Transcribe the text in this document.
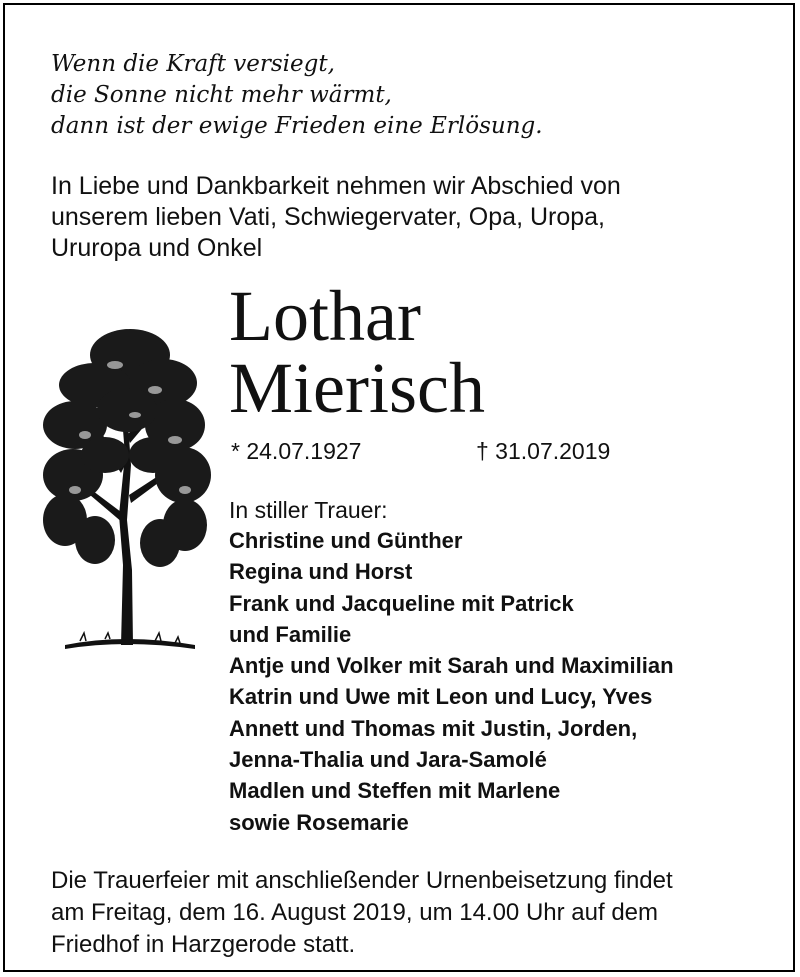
Wenn die Kraft versiegt,
die Sonne nicht mehr wärmt,
dann ist der ewige Frieden eine Erlösung.
In Liebe und Dankbarkeit nehmen wir Abschied von
unserem lieben Vati, Schwiegervater, Opa, Uropa,
Ururopa und Onkel
Lothar
Mierisch
* 24.07.1927	† 31.07.2019
In stiller Trauer:
Christine und Günther
Regina und Horst
Frank und Jacqueline mit Patrick
und Familie
Antje und Volker mit Sarah und Maximilian
Katrin und Uwe mit Leon und Lucy, Yves
Annett und Thomas mit Justin, Jorden,
Jenna-Thalia und Jara-Samolé
Madlen und Steffen mit Marlene
sowie Rosemarie
Die Trauerfeier mit anschließender Urnenbeisetzung findet
am Freitag, dem 16. August 2019, um 14.00 Uhr auf dem
Friedhof in Harzgerode statt.
